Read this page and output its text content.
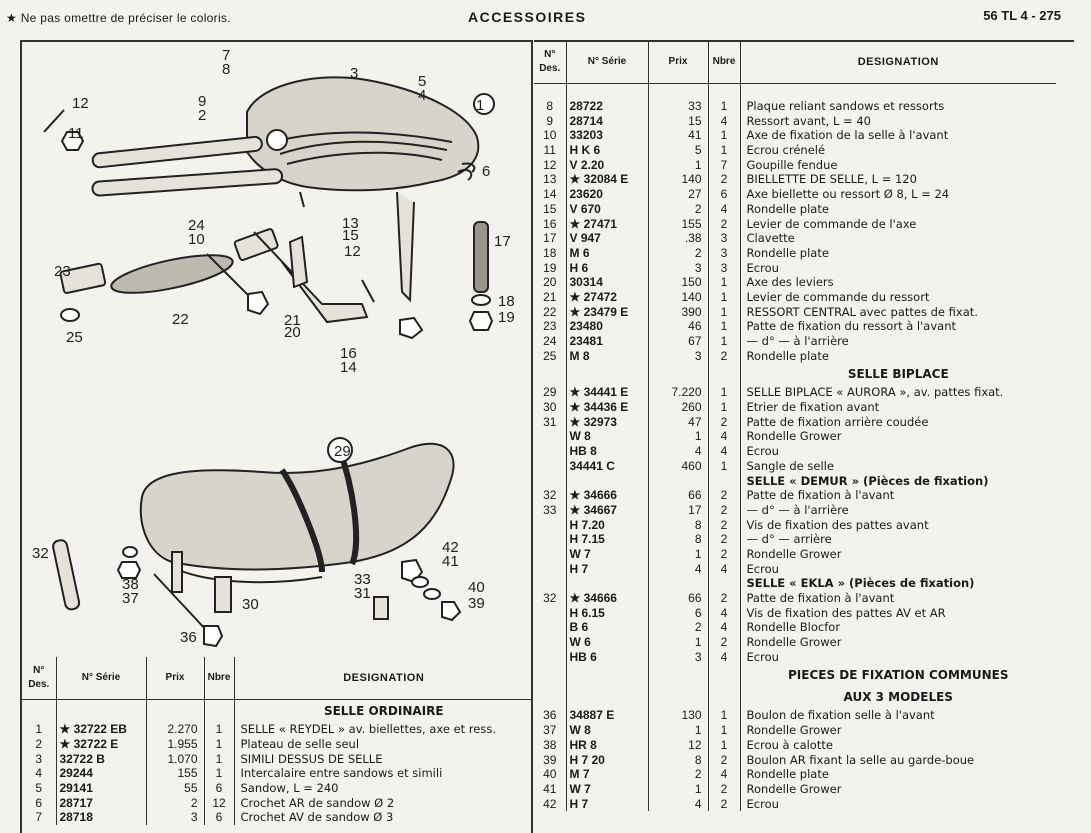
★ Ne pas omettre de préciser le coloris.	ACCESSOIRES	56 TL 4 - 275
7
8	3	5
4
1
12
11
9
2
6
24
10
13
15
12
17
23
22
18
19
25
21
20
16
14
29
32
38
37
36
30
33
31
42
41
40
39
N° Des.	N° Série	Prix	Nbre	DESIGNATION
				SELLE ORDINAIRE
1	★ 32722 EB	2.270	1	SELLE « REYDEL » av. biellettes, axe et ress.
2	★ 32722 E	1.955	1	Plateau de selle seul
3	32722 B	1.070	1	SIMILI DESSUS DE SELLE
4	29244	155	1	Intercalaire entre sandows et simili
5	29141	55	6	Sandow, L = 240
6	28717	2	12	Crochet AR de sandow Ø 2
7	28718	3	6	Crochet AV de sandow Ø 3
N° Des.	N° Série	Prix	Nbre	DESIGNATION

8	28722	33	1	Plaque reliant sandows et ressorts
9	28714	15	4	Ressort avant, L = 40
10	33203	41	1	Axe de fixation de la selle à l'avant
11	H K 6	5	1	Ecrou crénelé
12	V 2.20	1	7	Goupille fendue
13	★ 32084 E	140	2	BIELLETTE DE SELLE, L = 120
14	23620	27	6	Axe biellette ou ressort Ø 8, L = 24
15	V 670	2	4	Rondelle plate
16	★ 27471	155	2	Levier de commande de l'axe
17	V 947	.38	3	Clavette
18	M 6	2	3	Rondelle plate
19	H 6	3	3	Ecrou
20	30314	150	1	Axe des leviers
21	★ 27472	140	1	Levier de commande du ressort
22	★ 23479 E	390	1	RESSORT CENTRAL avec pattes de fixat.
23	23480	46	1	Patte de fixation du ressort à l'avant
24	23481	67	1	— d° — à l'arrière
25	M 8	3	2	Rondelle plate
				SELLE BIPLACE
29	★ 34441 E	7.220	1	SELLE BIPLACE « AURORA », av. pattes fixat.
30	★ 34436 E	260	1	Etrier de fixation avant
31	★ 32973	47	2	Patte de fixation arrière coudée
	W 8	1	4	Rondelle Grower
	HB 8	4	4	Ecrou
	34441 C	460	1	Sangle de selle
				SELLE « DEMUR » (Pièces de fixation)
32	★ 34666	66	2	Patte de fixation à l'avant
33	★ 34667	17	2	— d° — à l'arrière
	H 7.20	8	2	Vis de fixation des pattes avant
	H 7.15	8	2	— d° — arrière
	W 7	1	2	Rondelle Grower
	H 7	4	4	Ecrou
				SELLE « EKLA » (Pièces de fixation)
32	★ 34666	66	2	Patte de fixation à l'avant
	H 6.15	6	4	Vis de fixation des pattes AV et AR
	B 6	2	4	Rondelle Blocfor
	W 6	1	2	Rondelle Grower
	HB 6	3	4	Ecrou
				PIECES DE FIXATION COMMUNES
				AUX 3 MODELES
36	34887 E	130	1	Boulon de fixation selle à l'avant
37	W 8	1	1	Rondelle Grower
38	HR 8	12	1	Ecrou à calotte
39	H 7 20	8	2	Boulon AR fixant la selle au garde-boue
40	M 7	2	4	Rondelle plate
41	W 7	1	2	Rondelle Grower
42	H 7	4	2	Ecrou
